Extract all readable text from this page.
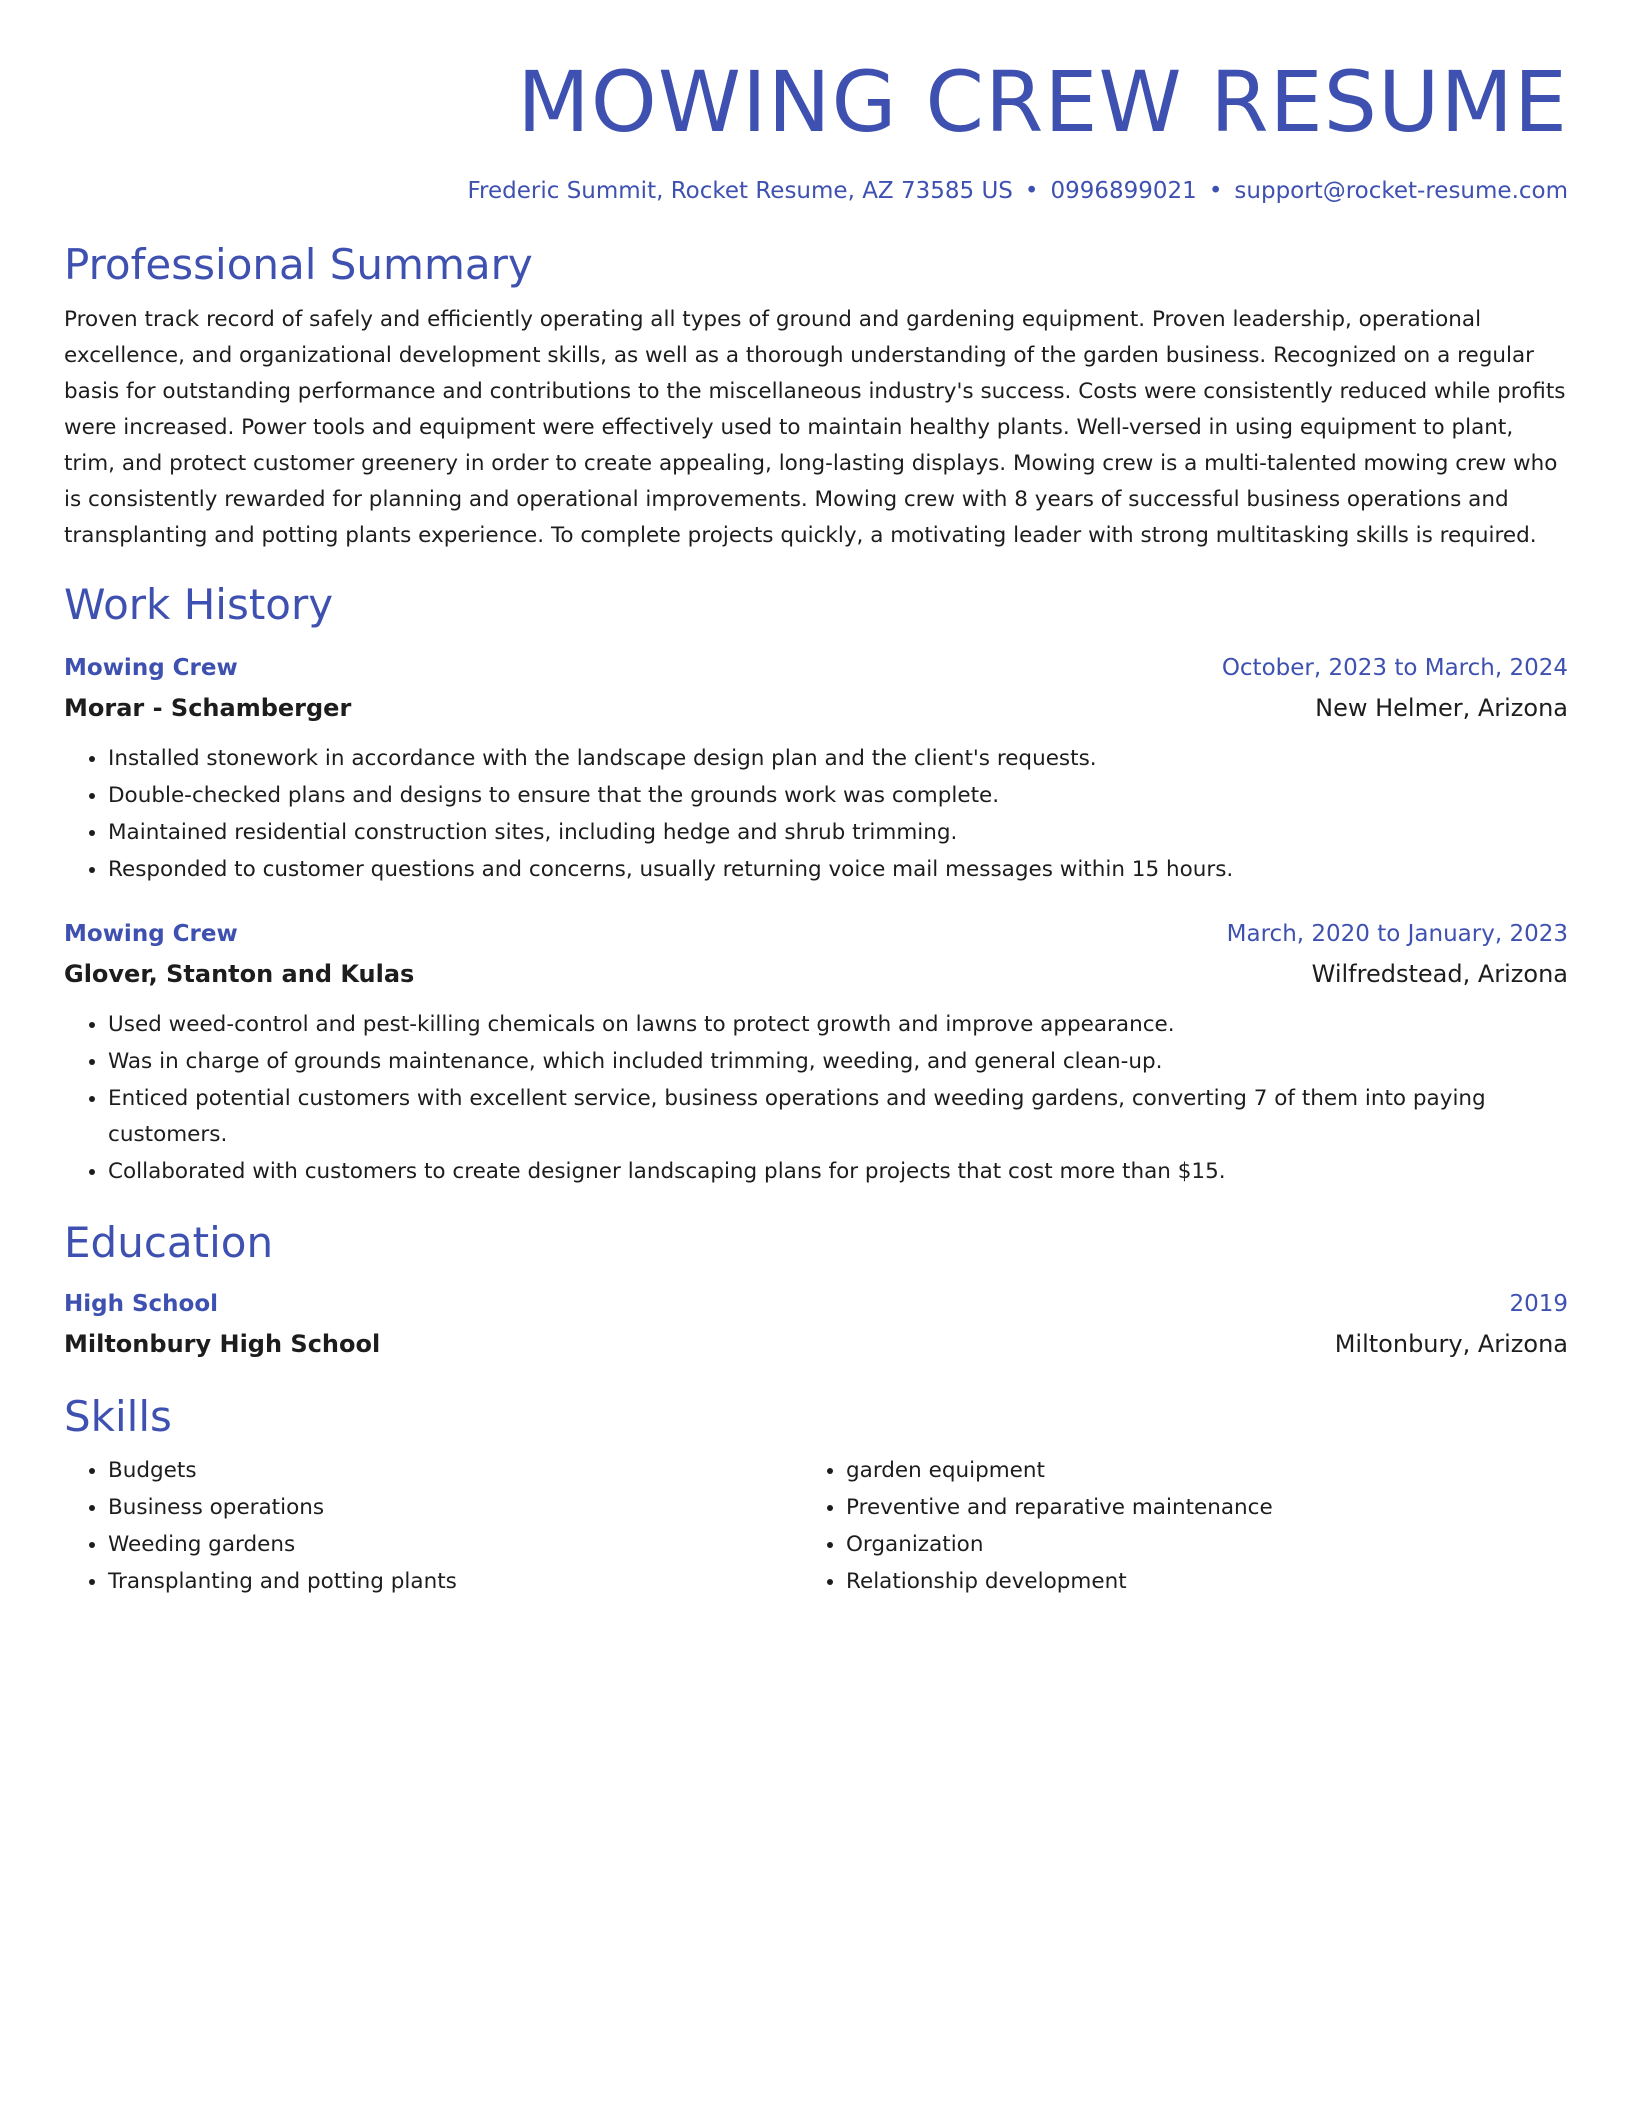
MOWING CREW RESUME
Frederic Summit, Rocket Resume, AZ 73585 US • 0996899021 • support@rocket-resume.com
Professional Summary

Proven track record of safely and efficiently operating all types of ground and gardening equipment. Proven leadership, operational excellence, and organizational development skills, as well as a thorough understanding of the garden business. Recognized on a regular basis for outstanding performance and contributions to the miscellaneous industry's success. Costs were consistently reduced while profits were increased. Power tools and equipment were effectively used to maintain healthy plants. Well-versed in using equipment to plant, trim, and protect customer greenery in order to create appealing, long-lasting displays. Mowing crew is a multi-talented mowing crew who is consistently rewarded for planning and operational improvements. Mowing crew with 8 years of successful business operations and transplanting and potting plants experience. To complete projects quickly, a motivating leader with strong multitasking skills is required.

Work History
Mowing Crew	October, 2023 to March, 2024
Morar - Schamberger	New Helmer, Arizona
• Installed stonework in accordance with the landscape design plan and the client's requests.
• Double-checked plans and designs to ensure that the grounds work was complete.
• Maintained residential construction sites, including hedge and shrub trimming.
• Responded to customer questions and concerns, usually returning voice mail messages within 15 hours.
Mowing Crew	March, 2020 to January, 2023
Glover, Stanton and Kulas	Wilfredstead, Arizona
• Used weed-control and pest-killing chemicals on lawns to protect growth and improve appearance.
• Was in charge of grounds maintenance, which included trimming, weeding, and general clean-up.
• Enticed potential customers with excellent service, business operations and weeding gardens, converting 7 of them into paying customers.
• Collaborated with customers to create designer landscaping plans for projects that cost more than $15.
Education
High School	2019
Miltonbury High School	Miltonbury, Arizona
Skills
• Budgets
• Business operations
• Weeding gardens
• Transplanting and potting plants
• garden equipment
• Preventive and reparative maintenance
• Organization
• Relationship development
